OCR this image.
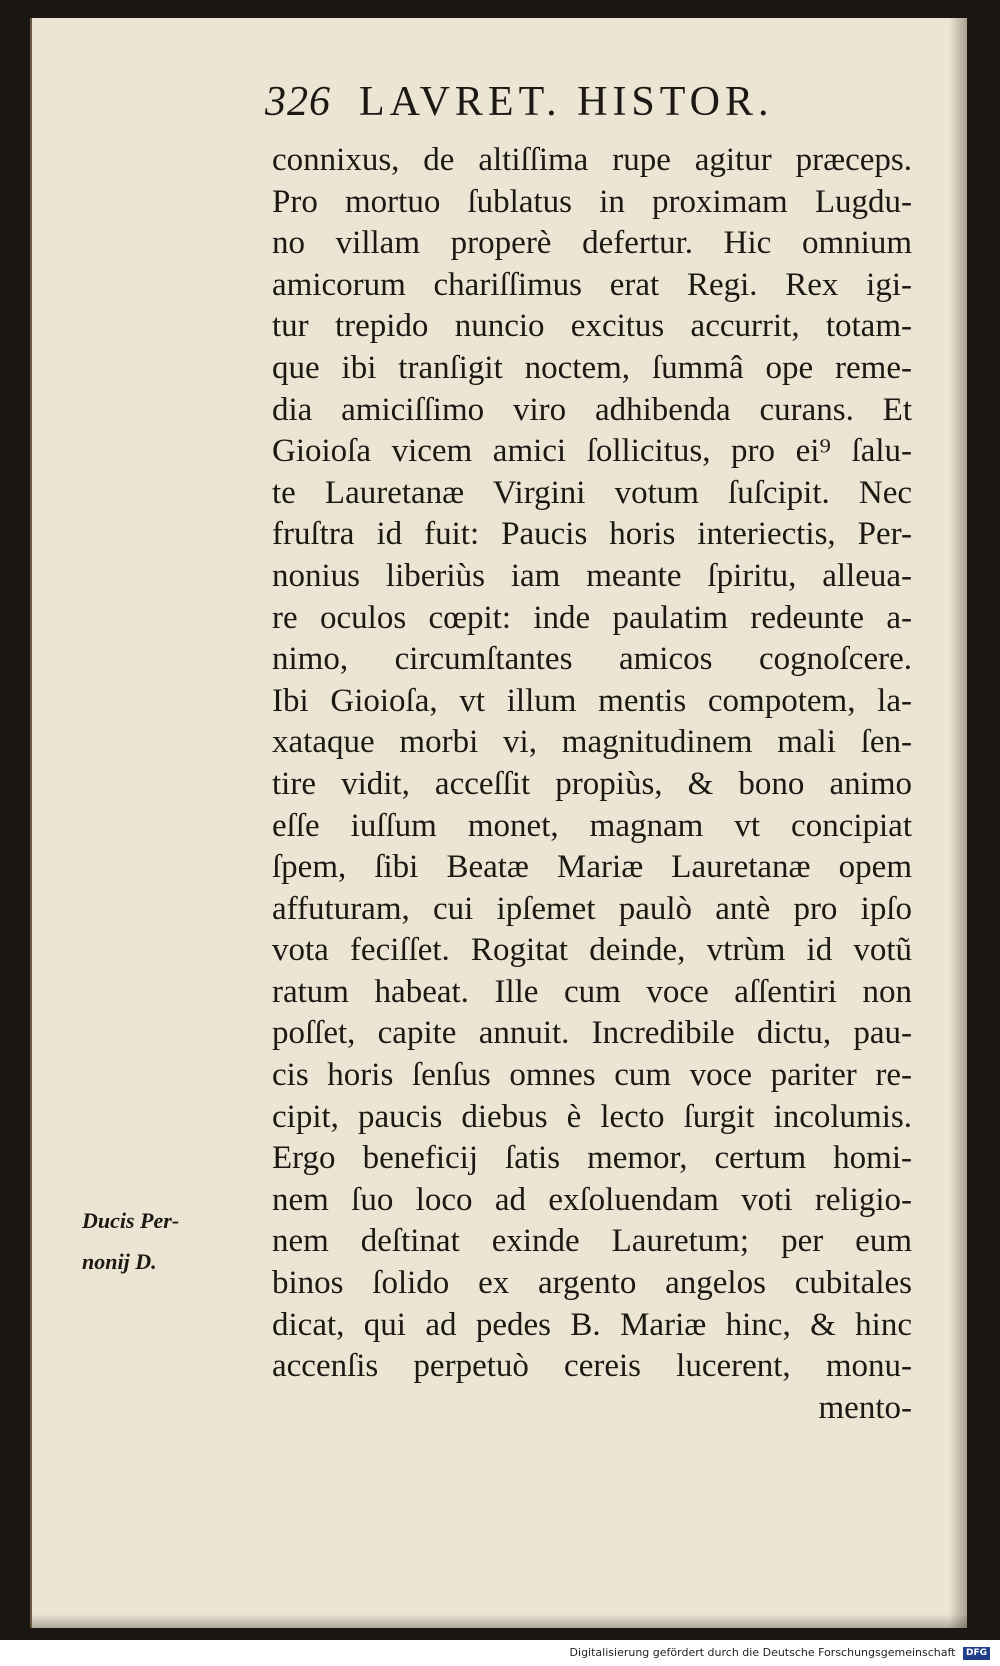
326 LAVRET. HISTOR.
connixus, de altiſſima rupe agitur præceps.
Pro mortuo ſublatus in proximam Lugdu-
no villam properè defertur. Hic omnium
amicorum chariſſimus erat Regi. Rex igi-
tur trepido nuncio excitus accurrit, totam-
que ibi tranſigit noctem, ſummâ ope reme-
dia amiciſſimo viro adhibenda curans. Et
Gioioſa vicem amici ſollicitus, pro ei⁹ ſalu-
te Lauretanæ Virgini votum ſuſcipit. Nec
fruſtra id fuit: Paucis horis interiectis, Per-
nonius liberiùs iam meante ſpiritu, alleua-
re oculos cœpit: inde paulatim redeunte a-
nimo, circumſtantes amicos cognoſcere.
Ibi Gioioſa, vt illum mentis compotem, la-
xataque morbi vi, magnitudinem mali ſen-
tire vidit, acceſſit propiùs, & bono animo
eſſe iuſſum monet, magnam vt concipiat
ſpem, ſibi Beatæ Mariæ Lauretanæ opem
affuturam, cui ipſemet paulò antè pro ipſo
vota feciſſet. Rogitat deinde, vtrùm id votũ
ratum habeat. Ille cum voce aſſentiri non
poſſet, capite annuit. Incredibile dictu, pau-
cis horis ſenſus omnes cum voce pariter re-
cipit, paucis diebus è lecto ſurgit incolumis.
Ergo beneficij ſatis memor, certum homi-
nem ſuo loco ad exſoluendam voti religio-
nem deſtinat exinde Lauretum; per eum
binos ſolido ex argento angelos cubitales
dicat, qui ad pedes B. Mariæ hinc, & hinc
accenſis perpetuò cereis lucerent, monu-
mento-
Ducis Per-
nonij D.
Digitalisierung gefördert durch die Deutsche Forschungsgemeinschaft DFG
